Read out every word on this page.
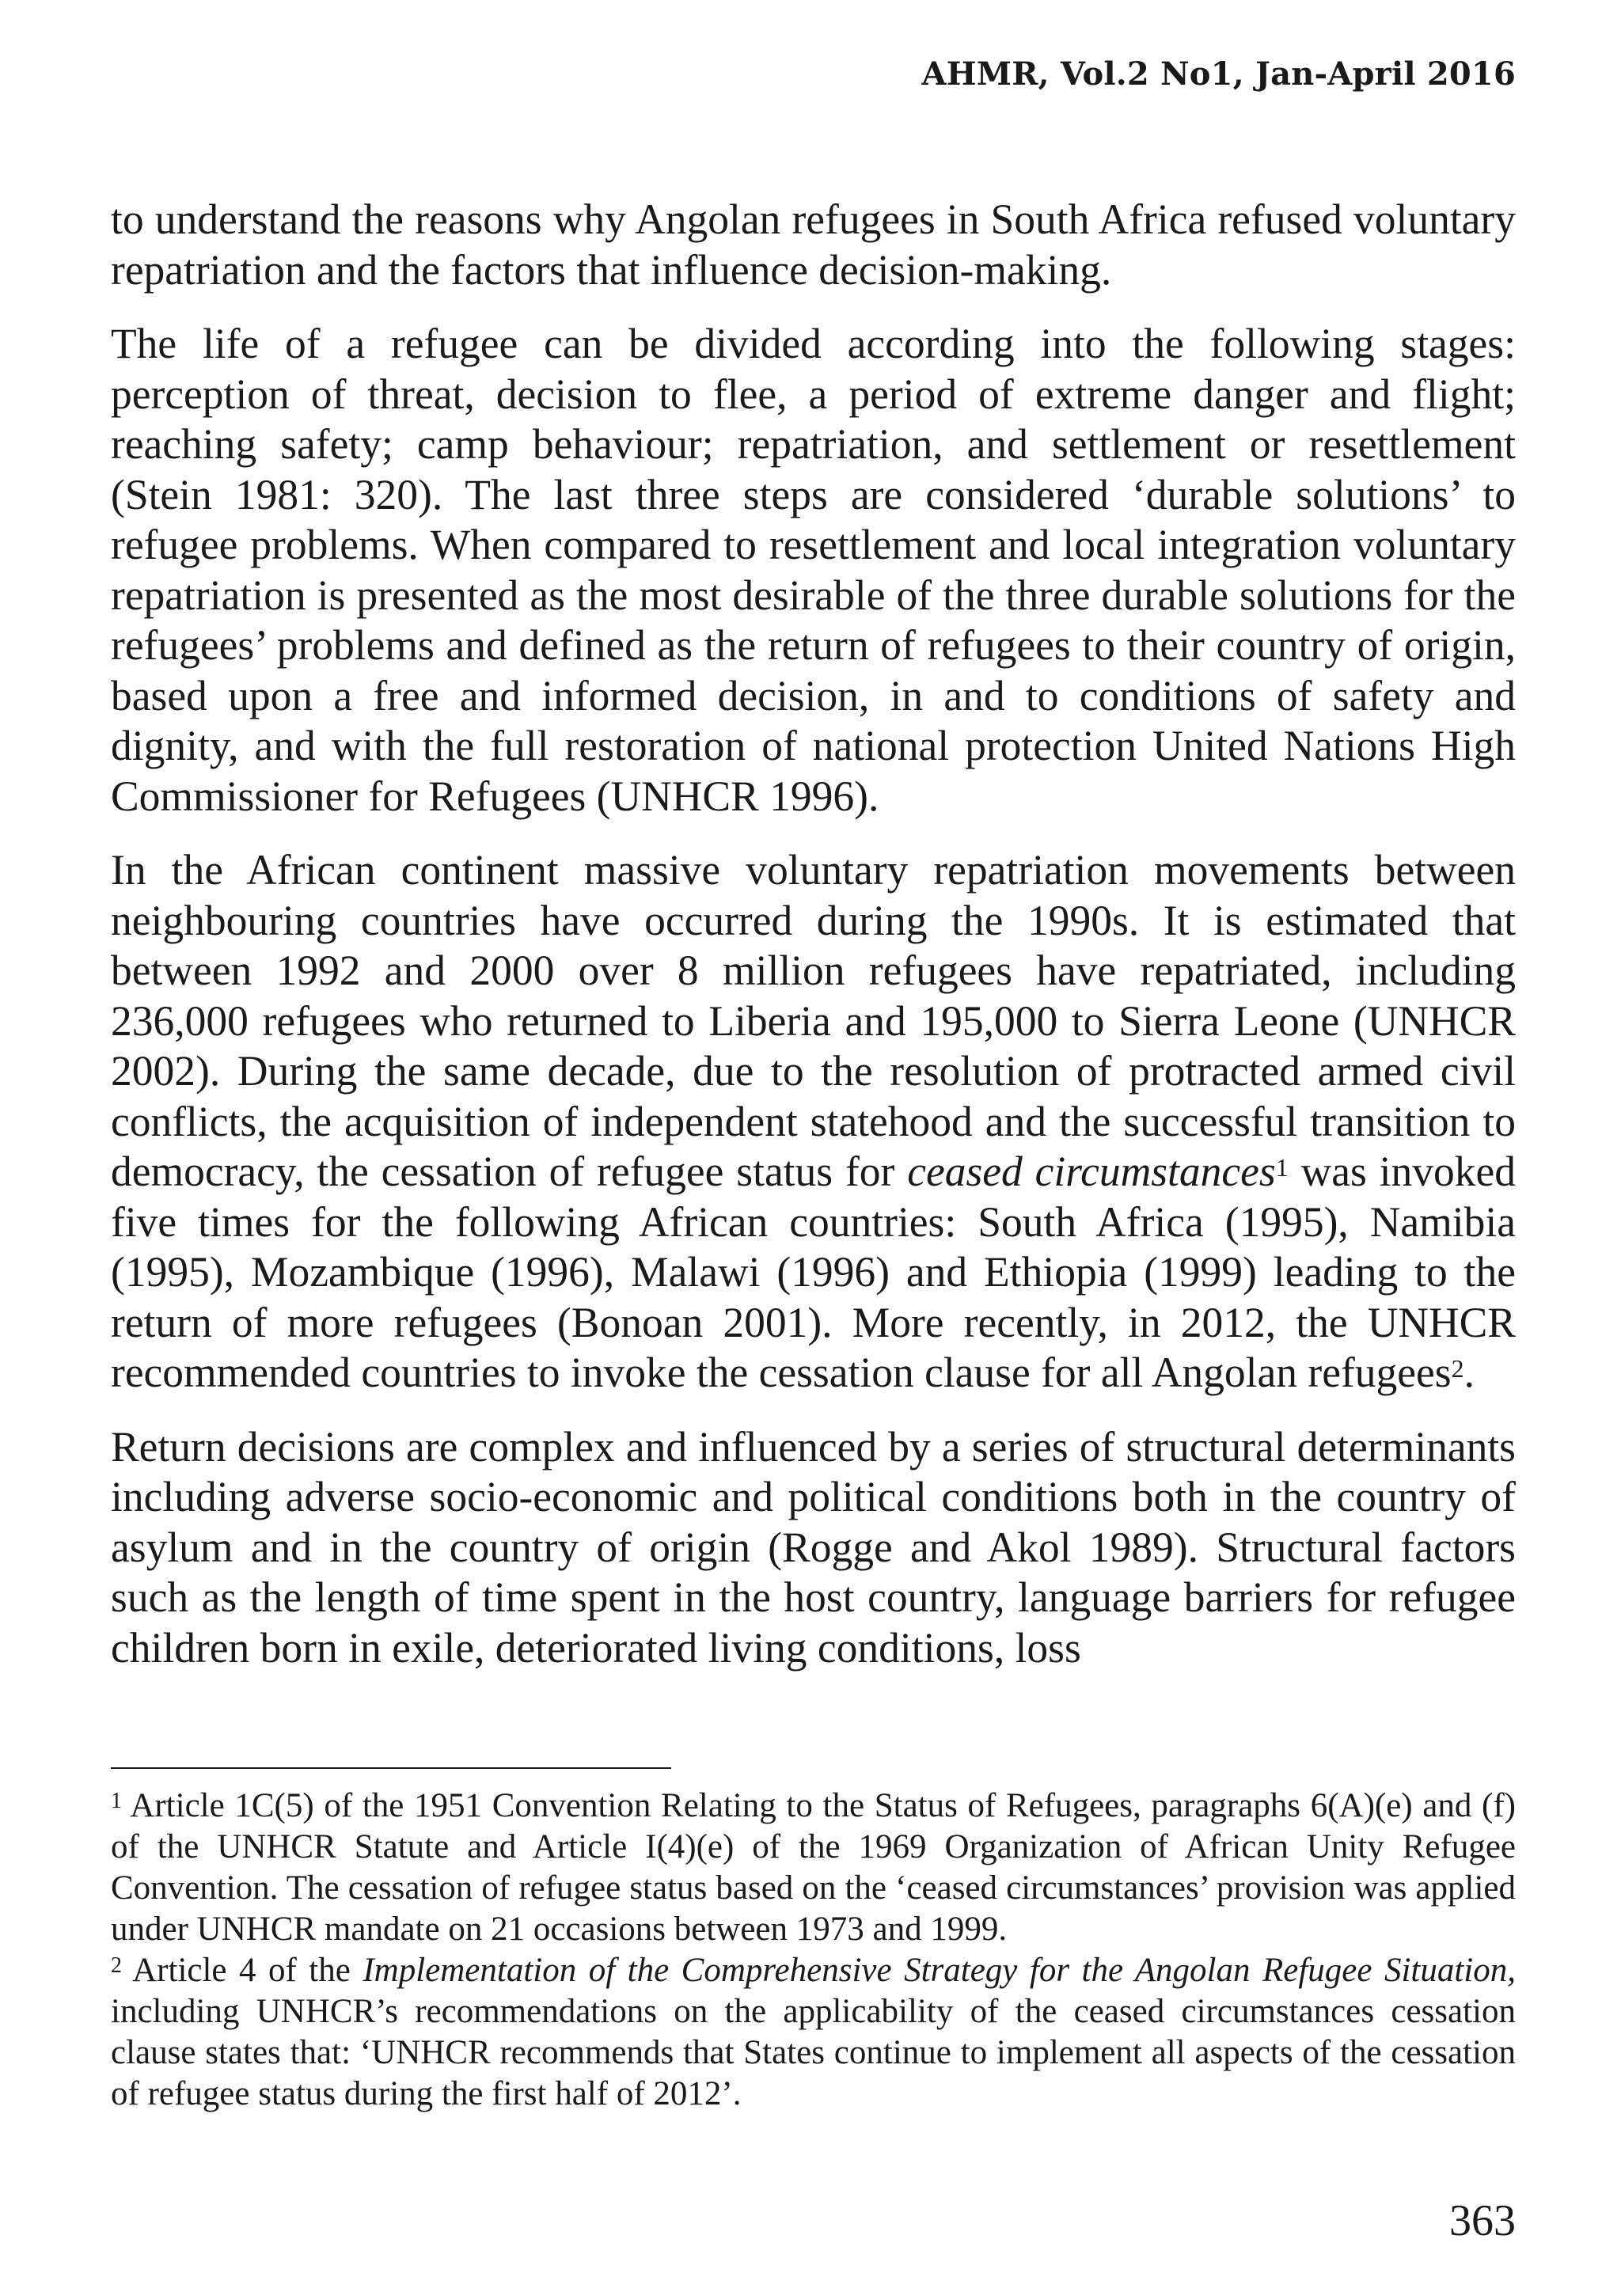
AHMR, Vol.2 No1, Jan-April 2016

to understand the reasons why Angolan refugees in South Africa refused voluntary repatriation and the factors that influence decision-making.

The life of a refugee can be divided according into the following stages: perception of threat, decision to flee, a period of extreme danger and flight; reaching safety; camp behaviour; repatriation, and settlement or resettlement (Stein 1981: 320). The last three steps are considered ‘durable solutions’ to refugee problems. When compared to resettlement and local integration voluntary repatriation is presented as the most desirable of the three durable solutions for the refugees’ problems and defined as the return of refugees to their country of origin, based upon a free and informed decision, in and to conditions of safety and dignity, and with the full restoration of national protection United Nations High Commissioner for Refugees (UNHCR 1996).

In the African continent massive voluntary repatriation movements between neighbouring countries have occurred during the 1990s. It is estimated that between 1992 and 2000 over 8 million refugees have repatriated, including 236,000 refugees who returned to Liberia and 195,000 to Sierra Leone (UNHCR 2002). During the same decade, due to the resolution of protracted armed civil conflicts, the acquisition of independent statehood and the successful transition to democracy, the cessation of refugee status for ceased circumstances$^1$ was invoked five times for the following African countries: South Africa (1995), Namibia (1995), Mozambique (1996), Malawi (1996) and Ethiopia (1999) leading to the return of more refugees (Bonoan 2001). More recently, in 2012, the UNHCR recommended countries to invoke the cessation clause for all Angolan refugees$^2$.

Return decisions are complex and influenced by a series of structural determinants including adverse socio-economic and political conditions both in the country of asylum and in the country of origin (Rogge and Akol 1989). Structural factors such as the length of time spent in the host country, language barriers for refugee children born in exile, deteriorated living conditions, loss

$^1$ Article 1C(5) of the 1951 Convention Relating to the Status of Refugees, paragraphs 6(A)(e) and (f) of the UNHCR Statute and Article I(4)(e) of the 1969 Organization of African Unity Refugee Convention. The cessation of refugee status based on the ‘ceased circumstances’ provision was applied under UNHCR mandate on 21 occasions between 1973 and 1999.

$^2$ Article 4 of the Implementation of the Comprehensive Strategy for the Angolan Refugee Situation, including UNHCR’s recommendations on the applicability of the ceased circumstances cessation clause states that: ‘UNHCR recommends that States continue to implement all aspects of the cessation of refugee status during the first half of 2012’.

363
